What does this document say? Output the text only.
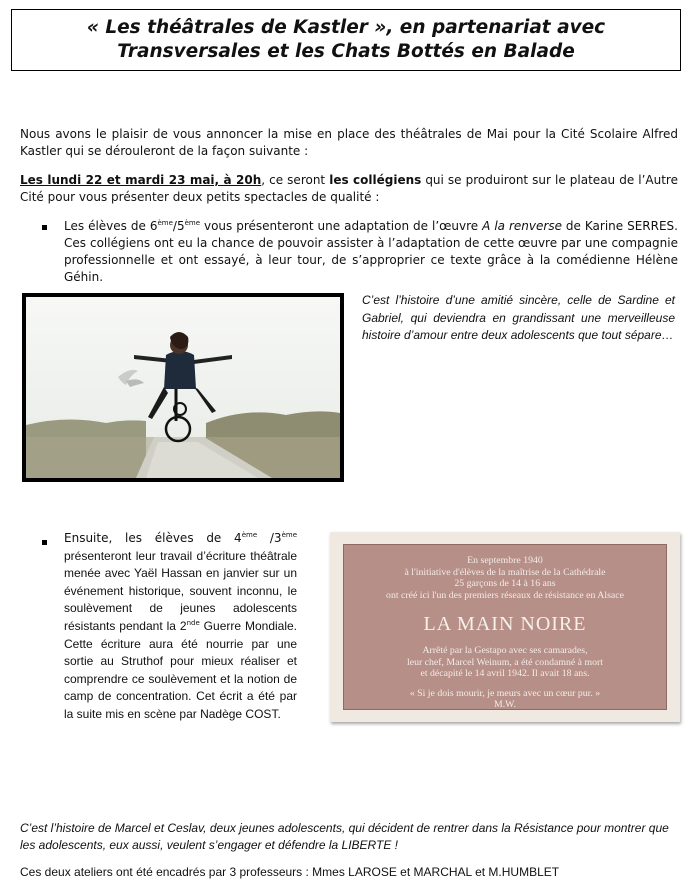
« Les théâtrales de Kastler », en partenariat avec Transversales et les Chats Bottés en Balade
Nous avons le plaisir de vous annoncer la mise en place des théâtrales de Mai pour la Cité Scolaire Alfred Kastler qui se dérouleront de la façon suivante :
Les lundi 22 et mardi 23 mai, à 20h, ce seront les collégiens qui se produiront sur le plateau de l’Autre Cité pour vous présenter deux petits spectacles de qualité :
Les élèves de 6ème/5ème vous présenteront une adaptation de l’œuvre A la renverse de Karine SERRES. Ces collégiens ont eu la chance de pouvoir assister à l’adaptation de cette œuvre par une compagnie professionnelle et ont essayé, à leur tour, de s’approprier ce texte grâce à la comédienne Hélène Géhin.
C’est l’histoire d’une amitié sincère, celle de Sardine et Gabriel, qui deviendra en grandissant une merveilleuse histoire d’amour entre deux adolescents que tout sépare…
Ensuite, les élèves de 4ème /3ème présenteront leur travail d’écriture théâtrale menée avec Yaël Hassan en janvier sur un événement historique, souvent inconnu, le soulèvement de jeunes adolescents résistants pendant la 2nde Guerre Mondiale. Cette écriture aura été nourrie par une sortie au Struthof pour mieux réaliser et comprendre ce soulèvement et la notion de camp de concentration. Cet écrit a été par la suite mis en scène par Nadège COST.
En septembre 1940
à l'initiative d'élèves de la maîtrise de la Cathédrale
25 garçons de 14 à 16 ans
ont créé ici l'un des premiers réseaux de résistance en Alsace
LA MAIN NOIRE
Arrêté par la Gestapo avec ses camarades,
leur chef, Marcel Weinum, a été condamné à mort
et décapité le 14 avril 1942. Il avait 18 ans.
« Si je dois mourir, je meurs avec un cœur pur. »
M.W.
C’est l’histoire de Marcel et Ceslav, deux jeunes adolescents, qui décident de rentrer dans la Résistance pour montrer que les adolescents, eux aussi, veulent s’engager et défendre la LIBERTE !
Ces deux ateliers ont été encadrés par 3 professeurs : Mmes LAROSE et MARCHAL et M.HUMBLET
